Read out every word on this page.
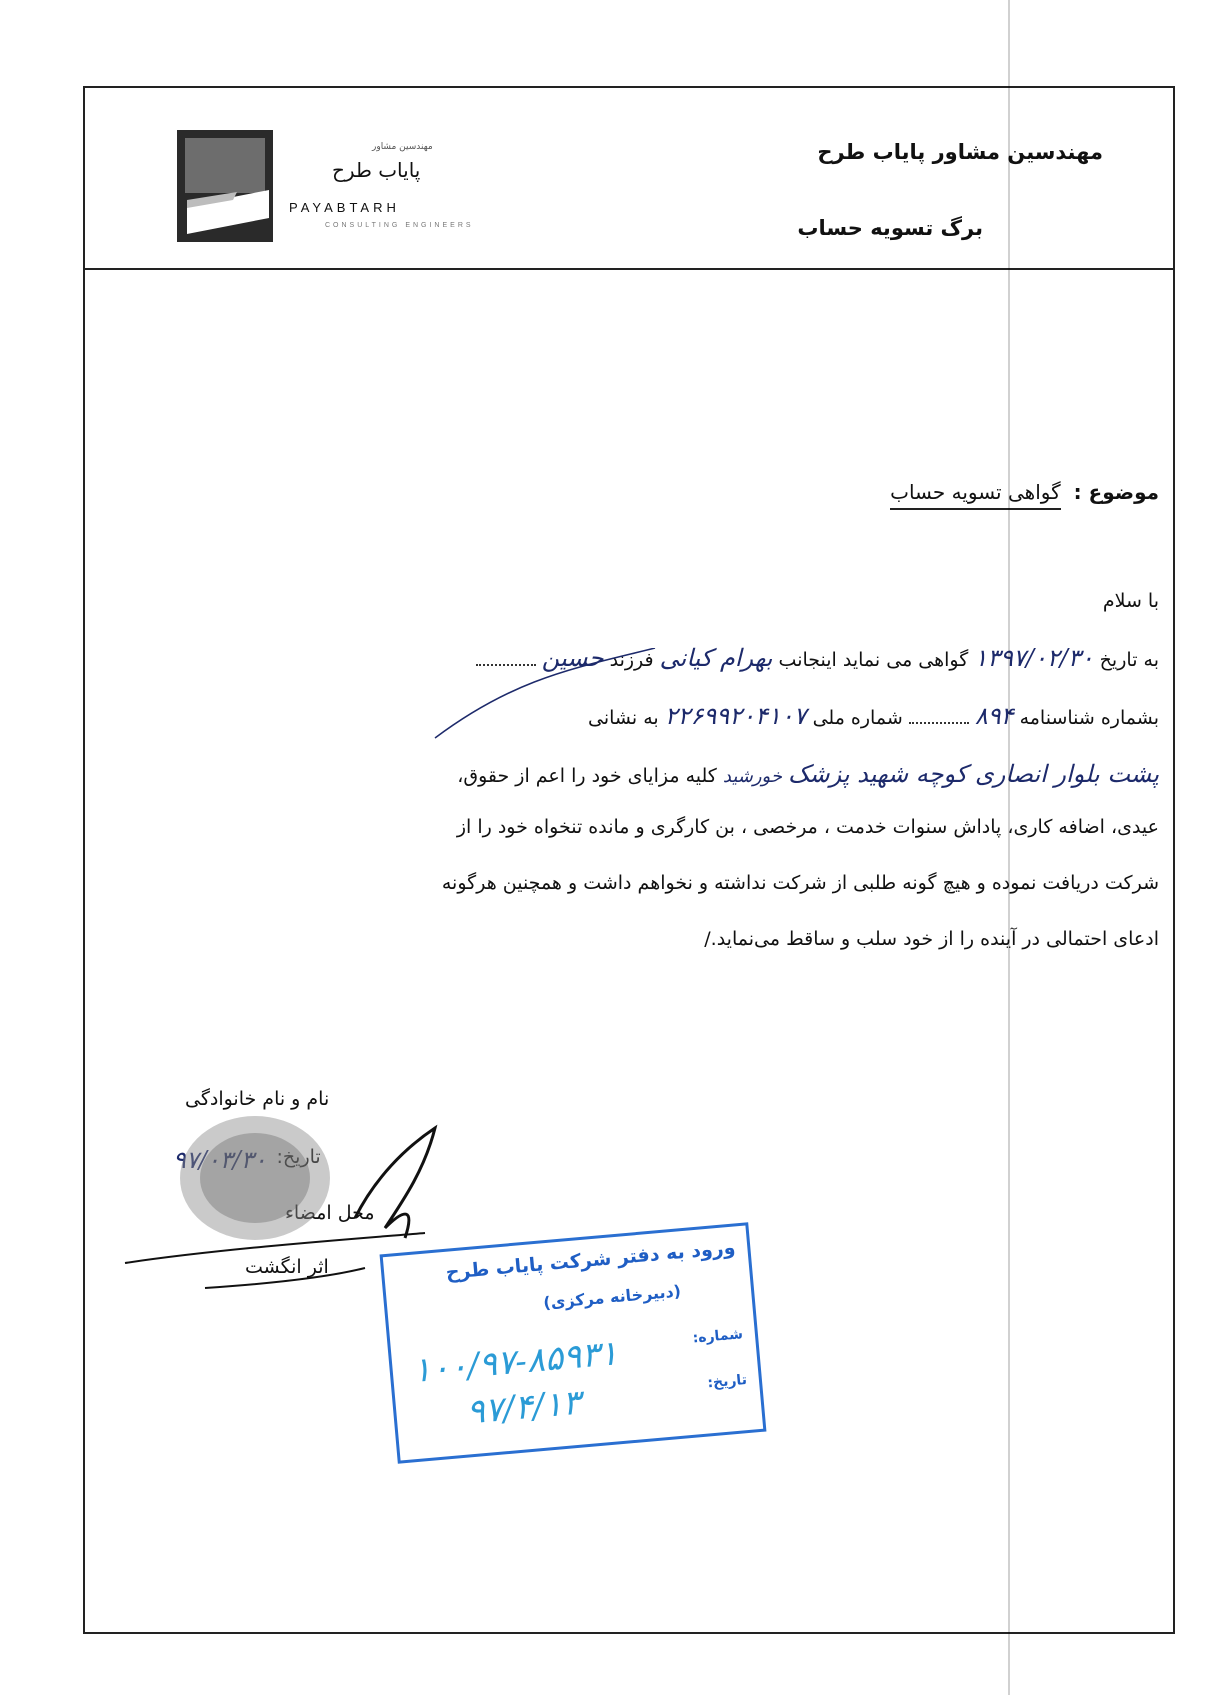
مهندسین مشاور پایاب طرح
برگ تسویه حساب
مهندسین مشاور
پایاب طرح
PAYABTARH
CONSULTING ENGINEERS
موضوع : گواهی تسویه حساب
با سلام
به تاریخ ۱۳۹۷/۰۲/۳۰ گواهی می نماید اینجانب بهرام کیانی فرزند حسین
بشماره شناسنامه ۸۹۴  شماره ملی ۲۲۶۹۹۲۰۴۱۰۷ به نشانی
پشت بلوار انصاری کوچه شهید پزشک خورشید کلیه مزایای خود را اعم از حقوق،
عیدی، اضافه کاری، پاداش سنوات خدمت ، مرخصی ، بن کارگری و مانده تنخواه خود را از
شرکت دریافت نموده و هیچ گونه طلبی از شرکت نداشته و نخواهم داشت و همچنین هرگونه
ادعای احتمالی در آینده را از خود سلب و ساقط می‌نماید./
نام و نام خانوادگی
تاریخ:
۹۷/۰۳/۳۰
محل امضاء
اثر انگشت	ورود به دفتر شرکت پایاب طرح
(دبیرخانه مرکزی)
شماره:
۱۰۰/۹۷-۸۵۹۳۱	تاریخ:
۹۷/۴/۱۳
